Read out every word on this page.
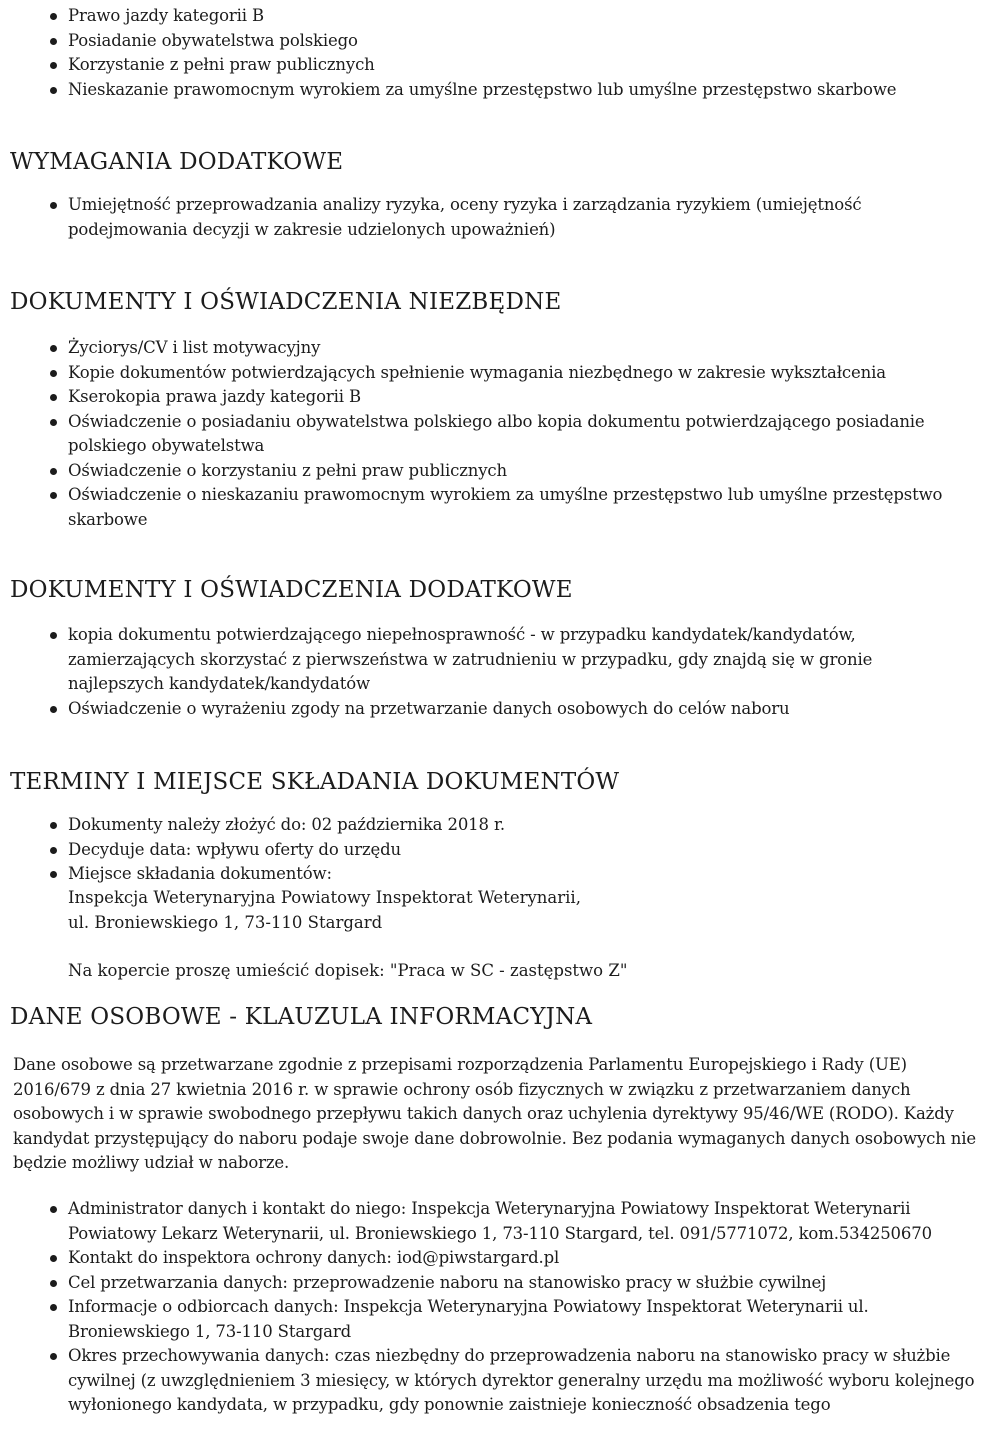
Prawo jazdy kategorii B
Posiadanie obywatelstwa polskiego
Korzystanie z pełni praw publicznych
Nieskazanie prawomocnym wyrokiem za umyślne przestępstwo lub umyślne przestępstwo skarbowe
WYMAGANIA DODATKOWE
Umiejętność przeprowadzania analizy ryzyka, oceny ryzyka i zarządzania ryzykiem (umiejętność podejmowania decyzji w zakresie udzielonych upoważnień)
DOKUMENTY I OŚWIADCZENIA NIEZBĘDNE
Życiorys/CV i list motywacyjny
Kopie dokumentów potwierdzających spełnienie wymagania niezbędnego w zakresie wykształcenia
Kserokopia prawa jazdy kategorii B
Oświadczenie o posiadaniu obywatelstwa polskiego albo kopia dokumentu potwierdzającego posiadanie polskiego obywatelstwa
Oświadczenie o korzystaniu z pełni praw publicznych
Oświadczenie o nieskazaniu prawomocnym wyrokiem za umyślne przestępstwo lub umyślne przestępstwo skarbowe
DOKUMENTY I OŚWIADCZENIA DODATKOWE
kopia dokumentu potwierdzającego niepełnosprawność - w przypadku kandydatek/kandydatów, zamierzających skorzystać z pierwszeństwa w zatrudnieniu w przypadku, gdy znajdą się w gronie najlepszych kandydatek/kandydatów
Oświadczenie o wyrażeniu zgody na przetwarzanie danych osobowych do celów naboru
TERMINY I MIEJSCE SKŁADANIA DOKUMENTÓW
Dokumenty należy złożyć do: 02 października 2018 r.
Decyduje data: wpływu oferty do urzędu
Miejsce składania dokumentów:
Inspekcja Weterynaryjna Powiatowy Inspektorat Weterynarii,
ul. Broniewskiego 1, 73-110 Stargard
Na kopercie proszę umieścić dopisek: "Praca w SC - zastępstwo Z"
DANE OSOBOWE - KLAUZULA INFORMACYJNA
Dane osobowe są przetwarzane zgodnie z przepisami rozporządzenia Parlamentu Europejskiego i Rady (UE) 2016/679 z dnia 27 kwietnia 2016 r. w sprawie ochrony osób fizycznych w związku z przetwarzaniem danych osobowych i w sprawie swobodnego przepływu takich danych oraz uchylenia dyrektywy 95/46/WE (RODO). Każdy kandydat przystępujący do naboru podaje swoje dane dobrowolnie. Bez podania wymaganych danych osobowych nie będzie możliwy udział w naborze.
Administrator danych i kontakt do niego: Inspekcja Weterynaryjna Powiatowy Inspektorat Weterynarii Powiatowy Lekarz Weterynarii, ul. Broniewskiego 1, 73-110 Stargard, tel. 091/5771072, kom.534250670
Kontakt do inspektora ochrony danych: iod@piwstargard.pl
Cel przetwarzania danych: przeprowadzenie naboru na stanowisko pracy w służbie cywilnej
Informacje o odbiorcach danych: Inspekcja Weterynaryjna Powiatowy Inspektorat Weterynarii ul. Broniewskiego 1, 73-110 Stargard
Okres przechowywania danych: czas niezbędny do przeprowadzenia naboru na stanowisko pracy w służbie cywilnej (z uwzględnieniem 3 miesięcy, w których dyrektor generalny urzędu ma możliwość wyboru kolejnego wyłonionego kandydata, w przypadku, gdy ponownie zaistnieje konieczność obsadzenia tego
